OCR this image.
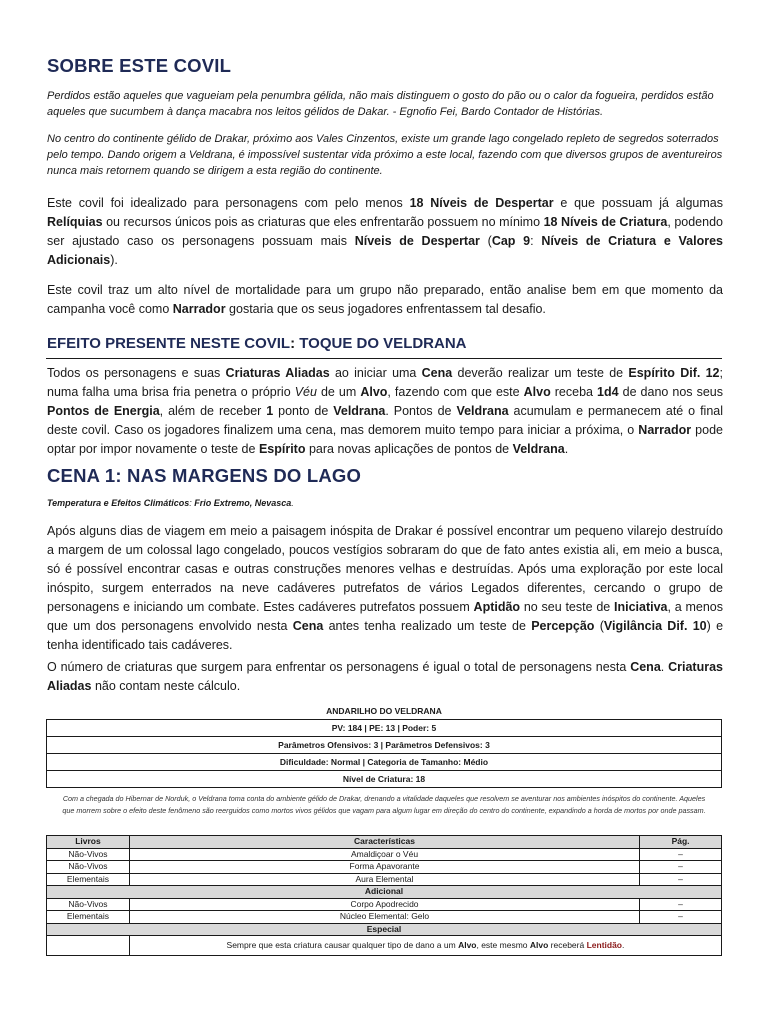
SOBRE ESTE COVIL
Perdidos estão aqueles que vagueiam pela penumbra gélida, não mais distinguem o gosto do pão ou o calor da fogueira, perdidos estão aqueles que sucumbem à dança macabra nos leitos gélidos de Dakar. - Egnofio Fei, Bardo Contador de Histórias.
No centro do continente gélido de Drakar, próximo aos Vales Cinzentos, existe um grande lago congelado repleto de segredos soterrados pelo tempo. Dando origem a Veldrana, é impossível sustentar vida próximo a este local, fazendo com que diversos grupos de aventureiros nunca mais retornem quando se dirigem a esta região do continente.
Este covil foi idealizado para personagens com pelo menos 18 Níveis de Despertar e que possuam já algumas Relíquias ou recursos únicos pois as criaturas que eles enfrentarão possuem no mínimo 18 Níveis de Criatura, podendo ser ajustado caso os personagens possuam mais Níveis de Despertar (Cap 9: Níveis de Criatura e Valores Adicionais).
Este covil traz um alto nível de mortalidade para um grupo não preparado, então analise bem em que momento da campanha você como Narrador gostaria que os seus jogadores enfrentassem tal desafio.
EFEITO PRESENTE NESTE COVIL: TOQUE DO VELDRANA
Todos os personagens e suas Criaturas Aliadas ao iniciar uma Cena deverão realizar um teste de Espírito Dif. 12; numa falha uma brisa fria penetra o próprio Véu de um Alvo, fazendo com que este Alvo receba 1d4 de dano nos seus Pontos de Energia, além de receber 1 ponto de Veldrana. Pontos de Veldrana acumulam e permanecem até o final deste covil. Caso os jogadores finalizem uma cena, mas demorem muito tempo para iniciar a próxima, o Narrador pode optar por impor novamente o teste de Espírito para novas aplicações de pontos de Veldrana.
CENA 1: NAS MARGENS DO LAGO
Temperatura e Efeitos Climáticos: Frio Extremo, Nevasca.
Após alguns dias de viagem em meio a paisagem inóspita de Drakar é possível encontrar um pequeno vilarejo destruído a margem de um colossal lago congelado, poucos vestígios sobraram do que de fato antes existia ali, em meio a busca, só é possível encontrar casas e outras construções menores velhas e destruídas. Após uma exploração por este local inóspito, surgem enterrados na neve cadáveres putrefatos de vários Legados diferentes, cercando o grupo de personagens e iniciando um combate. Estes cadáveres putrefatos possuem Aptidão no seu teste de Iniciativa, a menos que um dos personagens envolvido nesta Cena antes tenha realizado um teste de Percepção (Vigilância Dif. 10) e tenha identificado tais cadáveres.
O número de criaturas que surgem para enfrentar os personagens é igual o total de personagens nesta Cena. Criaturas Aliadas não contam neste cálculo.
ANDARILHO DO VELDRANA
PV: 184 | PE: 13 | Poder: 5
Parâmetros Ofensivos: 3 | Parâmetros Defensivos: 3
Dificuldade: Normal | Categoria de Tamanho: Médio
Nível de Criatura: 18
Com a chegada do Hibernar de Norduk, o Veldrana toma conta do ambiente gélido de Drakar, drenando a vitalidade daqueles que resolvem se aventurar nos ambientes inóspitos do continente. Aqueles que morrem sobre o efeito deste fenômeno são reerguidos como mortos vivos gélidos que vagam para algum lugar em direção do centro do continente, expandindo a horda de mortos por onde passam.
Livros	Características	Pág.
Não-Vivos	Amaldiçoar o Véu	–
Não-Vivos	Forma Apavorante	–
Elementais	Aura Elemental	–
Adicional		
Não-Vivos	Corpo Apodrecido	–
Elementais	Núcleo Elemental: Gelo	–
Especial		
	Sempre que esta criatura causar qualquer tipo de dano a um Alvo, este mesmo Alvo receberá Lentidão.	
